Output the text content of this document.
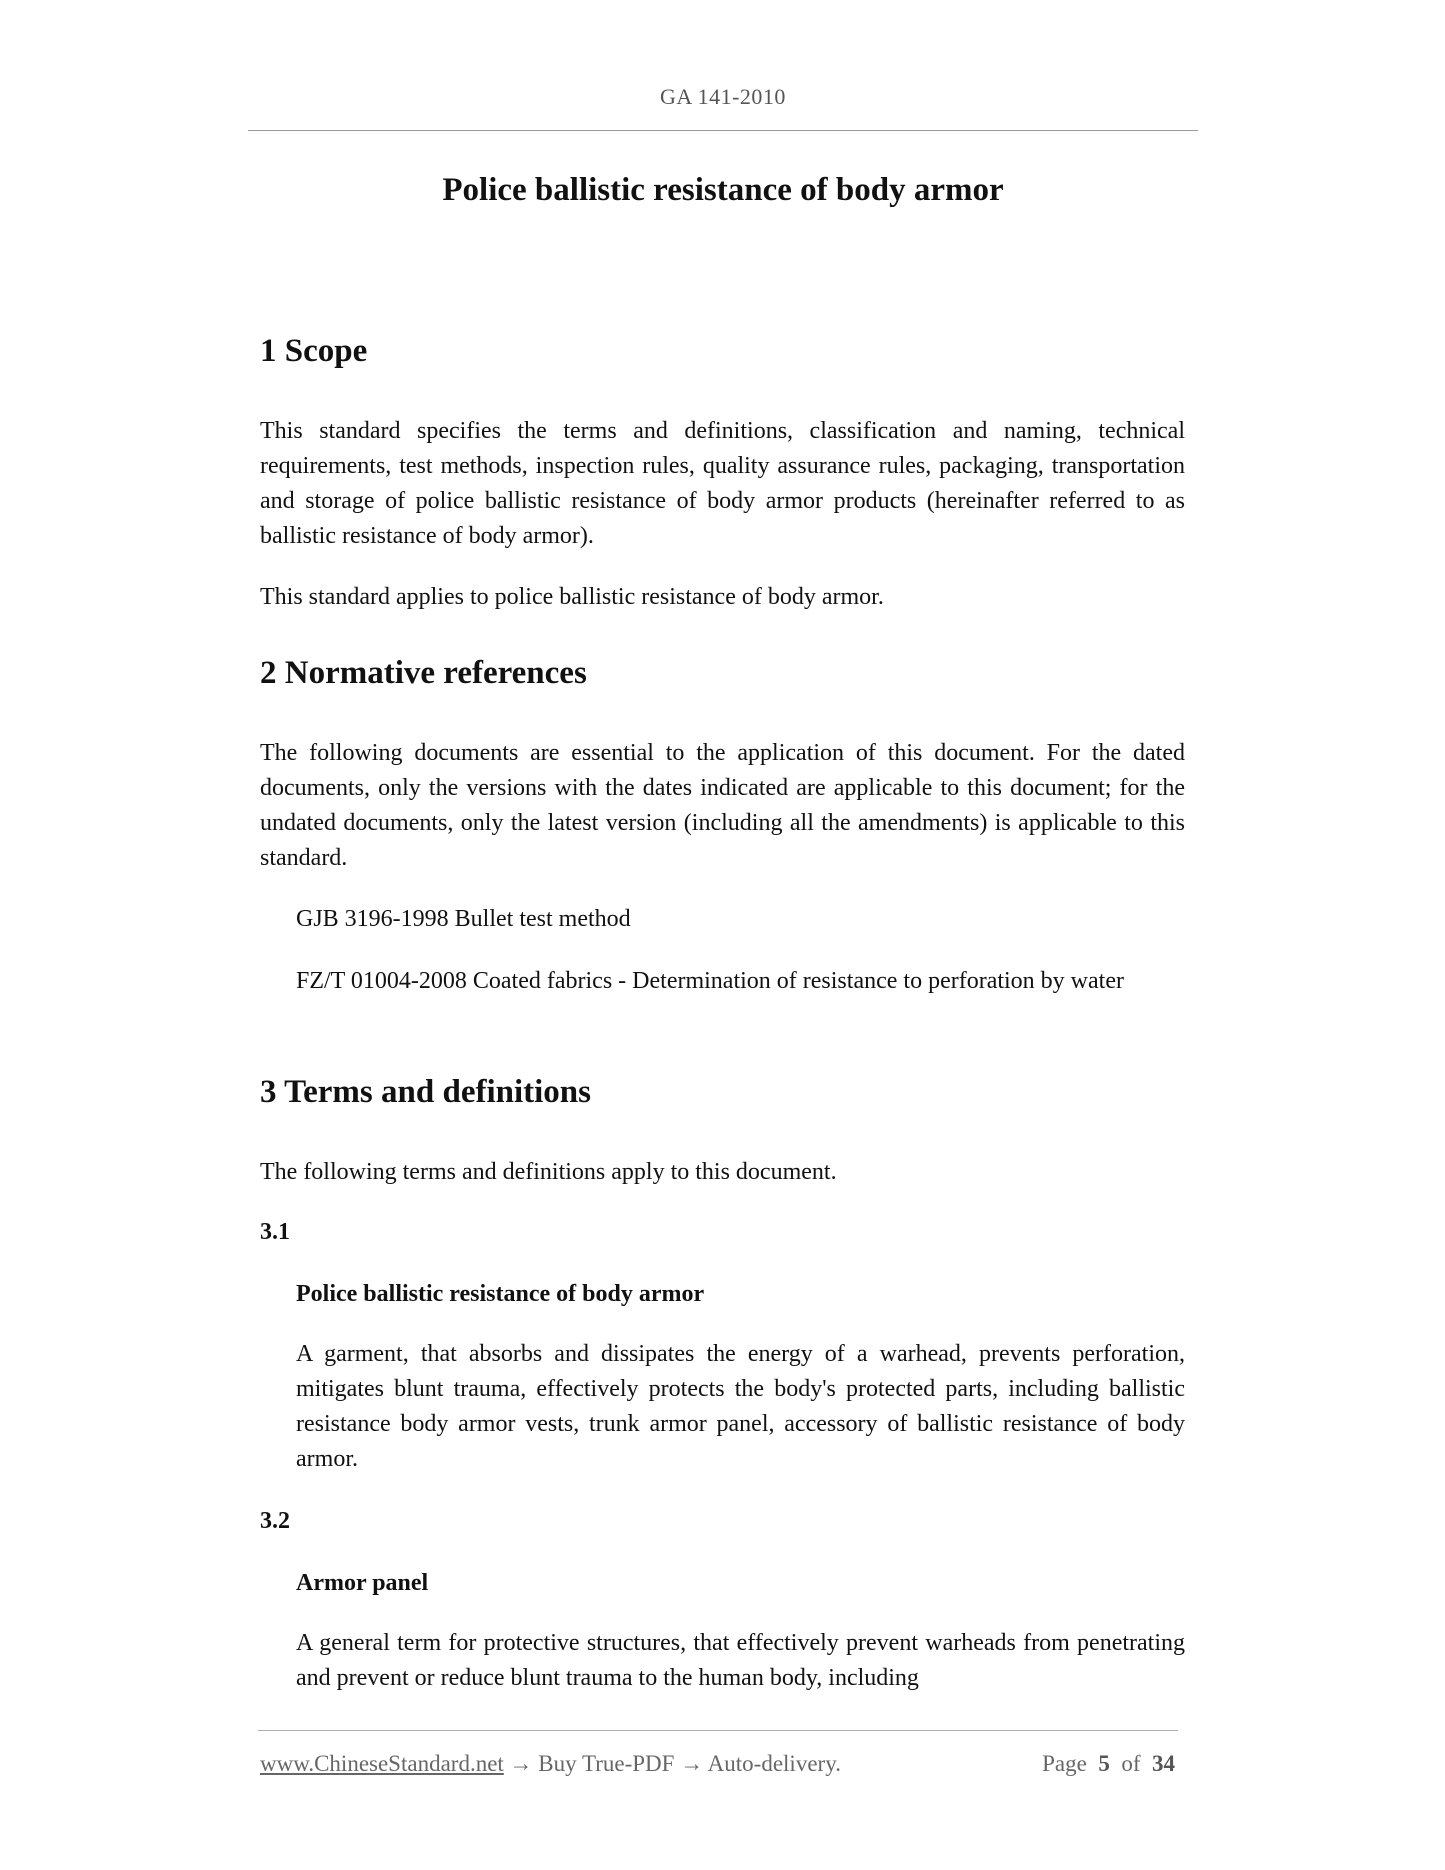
GA 141-2010
Police ballistic resistance of body armor
1 Scope

This standard specifies the terms and definitions, classification and naming, technical requirements, test methods, inspection rules, quality assurance rules, packaging, transportation and storage of police ballistic resistance of body armor products (hereinafter referred to as ballistic resistance of body armor).

This standard applies to police ballistic resistance of body armor.

2 Normative references

The following documents are essential to the application of this document. For the dated documents, only the versions with the dates indicated are applicable to this document; for the undated documents, only the latest version (including all the amendments) is applicable to this standard.

GJB 3196-1998 Bullet test method

FZ/T 01004-2008 Coated fabrics - Determination of resistance to perforation by water

3 Terms and definitions

The following terms and definitions apply to this document.

3.1

Police ballistic resistance of body armor

A garment, that absorbs and dissipates the energy of a warhead, prevents perforation, mitigates blunt trauma, effectively protects the body's protected parts, including ballistic resistance body armor vests, trunk armor panel, accessory of ballistic resistance of body armor.

3.2

Armor panel

A general term for protective structures, that effectively prevent warheads from penetrating and prevent or reduce blunt trauma to the human body, including

www.ChineseStandard.net → Buy True-PDF → Auto-delivery.	Page 5 of 34
